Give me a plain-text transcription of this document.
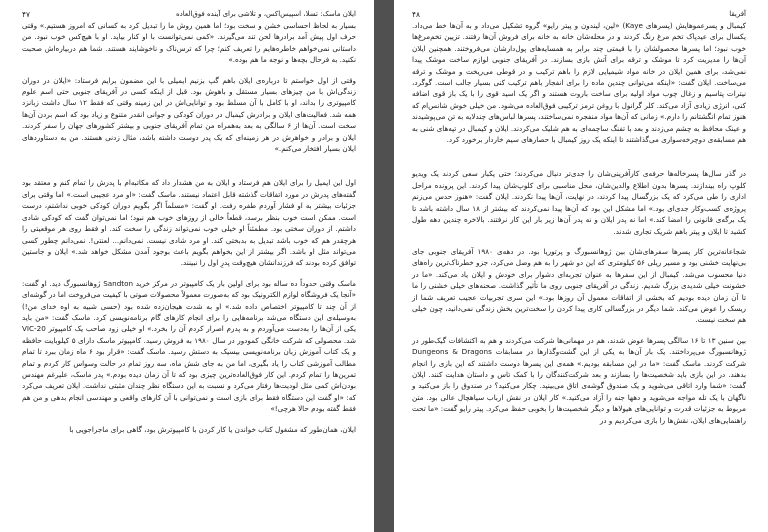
ایلان ماسک: تسلا، اسپیس‌اکس، و تلاشی برای آینده فوق‌العاده
۴۷

بسیار به لحاظ احساسی خشن و سخت بود؛ اما همین روش ما را تبدیل کرد به کسانی که امروز هستیم.» وقتی حرف اول پیش آمد برادرها لحن تند می‌گیرند. «کمی نمی‌توانست با او کنار بیاید. او با هیچ‌کس خوب نبود. من داستانی نمی‌خواهم خاطره‌هایم را تعریف کنم؛ چرا که ترس‌ناک و ناخوشایند هستند. شما هم دربیاره‌اش صحبت نکنید. به فرحال بچه‌ها و نوجه ما هم بوده.»

وقتی از اول خواستم تا درباره‌ی ایلان باهم گپ بزنیم ایمیلی با این مضمون برایم فرستاد: «ایلان در دوران زندگی‌اش با من چیزهای بسیار مستقل و باهوش بود. قبل از اینکه کسی در آفریقای جنوبی حتی اسم علوم کامپیوتری را بداند، او با کامل با آن مسلط بود و توانایی‌اش در این زمینه وقتی که فقط ۱۲ سال داشت زبانزد همه شد. فعالیت‌های ایلان و برادرش کیمبال در دوران کودکی و جوانی انقدر متنوع و زیاد بود که اسم بردن آن‌ها سخت است. آن‌ها از ۶ سالگی به بعد به‌همراه من تمام آفریقای جنوبی و بیشتر کشورهای جهان را سفر کردند. ایلان و برادر و خواهرش در هر زمینه‌ای که یک پدر دوست داشته باشد، مثال زدنی هستند. من به دستاوردهای ایلان بسیار افتخار می‌کنم.»

اول این ایمیل را برای ایلان هم فرستاد و ایلان به من هشدار داد که مکاتبه‌ام با پدرش را تمام کنم و معتقد بود گفته‌های پدرش در مورد اتفاقات گذشته قابل اعتماد نیستند. ماسک گفت: «او مرد عجیبی است.» اما وقتی برای جزئیات بیشتر به او فشار آوردم طفره رفت. او گفت: «مسلماً اگر بگویم دوران کودکی خوبی نداشتم، درست است. ممکن است خوب بنظر برسد، قطعاً خالی از روزهای خوب هم نبود؛ اما نمی‌توان گفت که کودکی شادی داشتم. از دوران سختی بود. مطمئناً او خیلی خوب نمی‌تواند زندگی را سخت کند. او فقط روی هر موقعیتی را هرچقدر هم که خوب باشد تبدیل به بدبختی کند. او مرد شادی نیست. نمی‌دانم... لعنتی!. نمی‌دانم چطور کسی می‌تواند مثل او باشد. اگر بیشتر از این بخواهم بگویم باعث بوجود آمدن مشکل خواهد شد.» ایلان و جاستین توافق کرده بودند که فرزندانشان هیچ‌وقت پدرِ اول را نبینند.

ماسک وقتی حدوداً ده ساله بود برای اولین بار یک کامپیوتر در مرکز خرید Sandton ژوهانسبورگ دید. او گفت: «آنجا یک فروشگاه لوازم الکترونیک بود که به‌صورت معمولاً محصولات صوتی با کیفیت می‌فروخت اما در گوشه‌ای از آن چند تا کامپیوتر اختصاص داده شد.» او به شدت هیجان‌زده شده بود (حسی شبیه به اوه خدای من!) به‌وسیله‌ی این دستگاه می‌شد برنامه‌هایی را برای انجام کارهای گام برنامه‌نویسی کرد. ماسک گفت: «من باید یکی از آن‌ها را به‌دست می‌آوردم و به پدرم اصرار کردم آن را بخرد.» او خیلی زود صاحب یک کامپیوتر VIC-20 شد. محصولی که شرکت خانگی کمودور در سال ۱۹۸۰ به فروش رسید. کامپیوتر ماسک دارای ۵ کیلوبایت حافظه و یک کتاب آموزش زبان برنامه‌نویسی بیسیک به دستش رسید. ماسک گفت: «قرار بود ۶ ماه زمان ببرد تا تمام مطالب آموزشی کتاب را یاد بگیری، اما من به جای شش ماه، سه روز تمام در حالت وسواس کار کردم و تمام تمرین‌ها را تمام کردم. این کار فوق‌العاده‌ترین چیزی بود که تا آن زمان دیده بودم.» پدر ماسک، علیرغم مهندس بودن‌اش کمی مثل لودیت‌ها رفتار می‌کرد و نسبت به این دستگاه نظر چندان مثبتی نداشت. ایلان تعریف می‌کرد که: «او گفت این دستگاه فقط برای بازی است و نمی‌توانی با آن کارهای واقعی و مهندسی انجام بدهی و من هم فقط گفته بودم حالا هرچی!»

ایلان، همان‌طور که مشغول کتاب خواندن یا کار کردن با کامپیوترش بود، گاهی برای ماجراجویی با

آفریقا
۴۸

کیمبال و پسرعموهایش (پسرهای Kaye) «لین، لیندون و پیتر رایو» گروه تشکیل می‌داد و به آن‌ها خط می‌داد. یکسال برای عیدپاک تخم مرغ رنگ کردند و در محله‌شان خانه به خانه برای فروش آن‌ها رفتند. تزیین تخم‌مرغ‌ها خوب نبود؛ اما پسرها محصولشان را با قیمتی چند برابر به همسایه‌های پول‌دارشان می‌فروختند. همچنین ایلان آن‌ها را مدیریت کرد تا موشک و ترقه برای آتش بازی بسازند. در آفریقای جنوبی لوازم ساخت موشک پیدا نمی‌شد، برای همین ایلان در خانه مواد شیمیایی لازم را باهم ترکیب و در قوطی می‌ریخت و موشک و ترقه می‌ساخت. ایلان گفت: «اینکه می‌توانی چندین ماده را برای انفجار باهم ترکیب کنی بسیار جالب است. گوگرد، نیترات پتاسیم و زغال چوب مواد اولیه برای ساخت باروت هستند و اگر یک اسید قوی را با یک باز قوی اضافه کنی، انرژی زیادی آزاد می‌کند. کلر گرانول با روغن ترمز ترکیبی فوق‌العاده می‌شود. من خیلی خوش شانس‌ام که هنوز تمام انگشتانم را دارم.» زمانی که آن‌ها مواد منفجره نمی‌ساختند، پسرها لباس‌های چندلایه به تن می‌پوشیدند و عینک محافظ به چشم می‌زدند و بعد با تفنگ ساچمه‌ای به هم شلیک می‌کردند. ایلان و کیمبال در تپه‌های شنی به هم مسابقه‌ی دوچرخه‌سواری می‌گذاشتند تا اینکه یک روز کیمبال با حصارهای سیم خاردار برخورد کرد.

در گذر سال‌ها پسرخاله‌ها حرفه‌ی کارآفرینی‌شان را جدی‌تر دنبال می‌کردند؛ حتی یکبار سعی کردند یک ویدیو کلوپ راه بیندازند. پسرها بدون اطلاع والدین‌شان، محل مناسبی برای کلوپ‌شان پیدا کردند. این پرونده مراحل اداری را طی می‌کرد که یک بزرگسال پیدا کردند، در نهایت، آن‌ها پیدا نکردند. ایلان گفت: «هنوز حدس می‌زنم پروژه‌ی کسب‌وکار جدی‌ای بود.» اما مشکل این بود که آن‌ها پیدا نمی‌کردند که بیشتر از ۱۸ سال داشته باشد تا یک برگه‌ی قانونی را امضا کند.» اما نه پدر ایلان و نه پدر آن‌ها زیر بار این کار نرفتند. بالاخره چندین دهه طول کشید تا ایلان و پیتر باهم شریک تجاری شدند.

شجاعانه‌ترین کار پسرها سفرهای‌شان بین ژوهانسبورگ و پرتوریا بود. در دهه‌ی ۱۹۸۰ آفریقای جنوبی جای بی‌نهایت خشنی بود و مسیر ریلی ۵۶ کیلومتری که این دو شهر را به هم وصل می‌کرد، جزو خطرناک‌ترین راه‌های دنیا محسوب می‌شد. کیمبال از این سفرها به عنوان تجربه‌ای دشوار برای خودش و ایلان یاد می‌کند. «ما در خشونت خیلی شدیدی بزرگ شدیم. زندگی در آفریقای جنوبی روی ما تأثیر گذاشت. صحنه‌های خیلی خشنی را ما تا آن زمان دیده بودیم که بخشی از اتفاقات معمول آن روزها بود.» این سری تجربیات عجیب تعریف شما از ریسک را عوض می‌کند. شما دیگر در بزرگسالی کاری پیدا کردن را سخت‌ترین بخش زندگی نمی‌دانید، چون خیلی هم سخت نیست.

بین سنین ۱۳ تا ۱۶ سالگی پسرها عوض شدند، هم در مهمانی‌ها شرکت می‌کردند و هم به اکتشافات گیک‌طور در ژوهانسبورگ می‌پرداختند. یک بار آن‌ها به یکی از این گشت‌وگذارها در مسابقات Dungeons & Dragons شرکت کردند. ماسک گفت: «ما در این مسابقه بودیم.» همه‌ی این پسرها دوست داشتند که این بازی را انجام بدهند. در این بازی باید شخصیت‌ها را بسازند و بعد شرکت‌کنندگان را با کمک تاس و داستان هدایت کنند. ایلان گفت: «شما وارد اتاقی می‌شوید و یک صندوق گوشه‌ی اتاق می‌بینید. چکار می‌کنید؟ در صندوق را باز می‌کنید و ناگهان با یک تله مواجه می‌شوید و دهها جنه را آزاد می‌کنید.» کار ایلان در نقش ارباب سیاهچال عالی بود. متن مربوط به جزئیات قدرت و توانایی‌های هیولاها و دیگر شخصیت‌ها را بخوبی حفظ می‌کرد. پیتر رایو گفت: «ما تحت راهنمایی‌های ایلان، نقش‌ها را بازی می‌کردیم و در
